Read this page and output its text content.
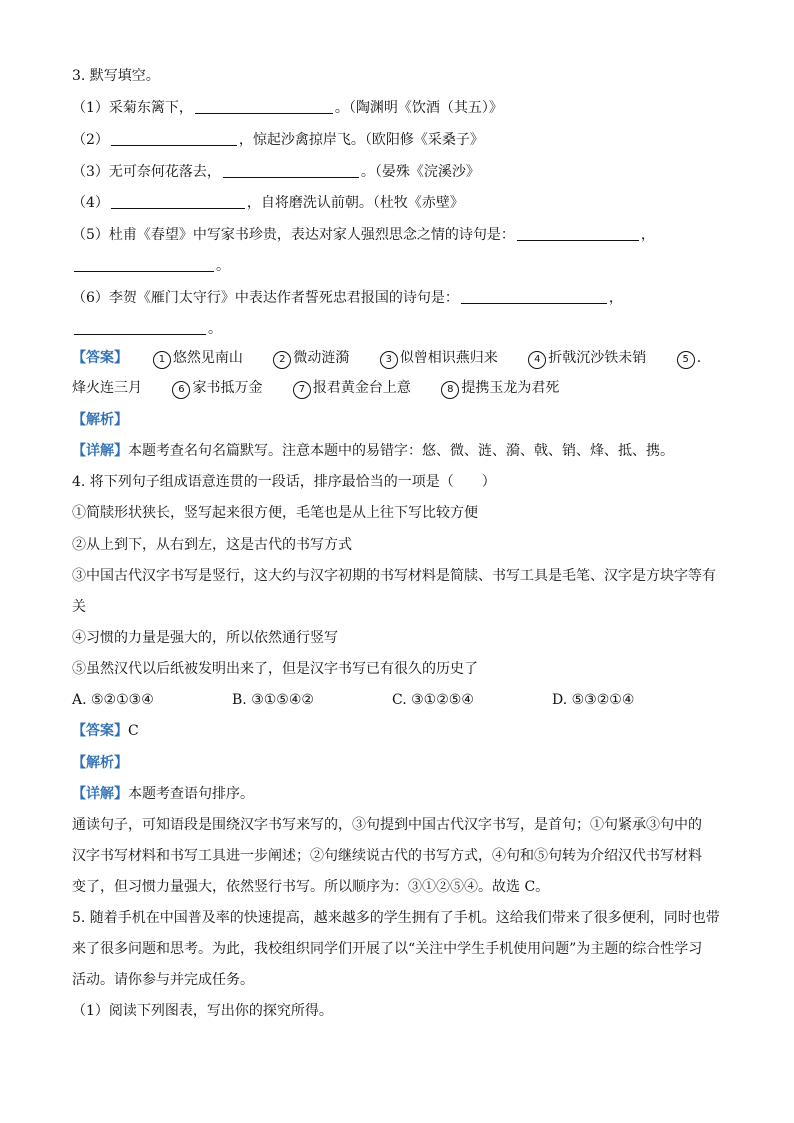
3. 默写填空。
（1）采菊东篱下，	。（陶渊明《饮酒（其五）》
（2）	，惊起沙禽掠岸飞。（欧阳修《采桑子》
（3）无可奈何花落去，	。（晏殊《浣溪沙》
（4）	，自将磨洗认前朝。（杜牧《赤壁》
（5）杜甫《春望》中写家书珍贵，表达对家人强烈思念之情的诗句是：	，
。
（6）李贺《雁门太守行》中表达作者誓死忠君报国的诗句是：	，
。
【答案】	1 悠然见南山	2 微动涟漪	3 似曾相识燕归来	4 折戟沉沙铁未销	5 .
烽火连三月	6 家书抵万金	7 报君黄金台上意	8 提携玉龙为君死
【解析】
【详解】本题考查名句名篇默写。注意本题中的易错字：悠、微、涟、漪、戟、销、烽、抵、携。
4. 将下列句子组成语意连贯的一段话，排序最恰当的一项是（　　）
①简牍形状狭长，竖写起来很方便，毛笔也是从上往下写比较方便
②从上到下，从右到左，这是古代的书写方式
③中国古代汉字书写是竖行，这大约与汉字初期的书写材料是简牍、书写工具是毛笔、汉字是方块字等有
关
④习惯的力量是强大的，所以依然通行竖写
⑤虽然汉代以后纸被发明出来了，但是汉字书写已有很久的历史了
A. ⑤②①③④	B. ③①⑤④②	C. ③①②⑤④	D. ⑤③②①④
【答案】C
【解析】
【详解】本题考查语句排序。
通读句子，可知语段是围绕汉字书写来写的，③句提到中国古代汉字书写，是首句；①句紧承③句中的
汉字书写材料和书写工具进一步阐述；②句继续说古代的书写方式，④句和⑤句转为介绍汉代书写材料
变了，但习惯力量强大，依然竖行书写。所以顺序为：③①②⑤④。故选 C。
5. 随着手机在中国普及率的快速提高，越来越多的学生拥有了手机。这给我们带来了很多便利，同时也带
来了很多问题和思考。为此，我校组织同学们开展了以“关注中学生手机使用问题”为主题的综合性学习
活动。请你参与并完成任务。
（1）阅读下列图表，写出你的探究所得。
